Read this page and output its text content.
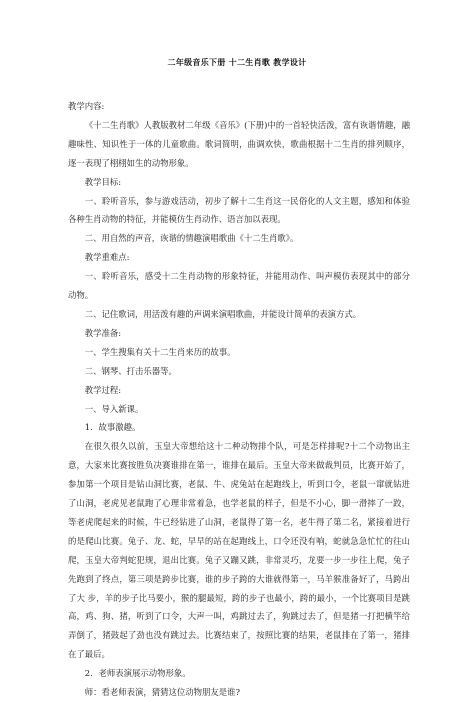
二年级音乐下册 十二生肖歌 教学设计

教学内容:

《十二生肖歌》人教版教材二年级《音乐》(下册)中的一首轻快活泼，富有诙谐情趣，融趣味性、知识性于一体的儿童歌曲。歌词简明，曲调欢快，歌曲根据十二生肖的排列顺序，逐一表现了栩栩如生的动物形象。

教学目标:

一、聆听音乐，参与游戏活动，初步了解十二生肖这一民俗化的人文主题，感知和体验各种生肖动物的特征，并能模仿生肖动作、语言加以表现。

二、用自然的声音，诙谐的情趣演唱歌曲《十二生肖歌》。

教学重难点:

一、聆听音乐，感受十二生肖动物的形象特征，并能用动作、叫声模仿表现其中的部分动物。

二、记住歌词，用活泼有趣的声调来演唱歌曲，并能设计简单的表演方式。

教学准备:

一、学生搜集有关十二生肖来历的故事。

二、钢琴、打击乐器等。

教学过程:

一、导入新课。

1．故事激趣。

在很久很久以前，玉皇大帝想给这十二种动物排个队，可是怎样排呢?十二个动物出主意，大家来比赛按胜负决赛谁排在第一，谁排在最后。玉皇大帝来做裁判员，比赛开始了，参加第一个项目是钻山洞比赛，老鼠、牛、虎兔站在起跑线上，听到口令，老鼠一窜就钻进了山洞，老虎见老鼠跑了心理非常着急，也学老鼠的样子，但是不小心，脚一滑摔了一跤，等老虎爬起来的时候，牛已经钻进了山洞，老鼠得了第一名，老牛得了第二名，紧接着进行的是爬山比赛。兔子、龙、蛇，早早的站在起跑线上，口令还没有响，蛇就急急忙忙的往山爬，玉皇大帝判蛇犯规，退出比赛。兔子又蹦又跳，非常灵巧，龙要一步一步往上爬，兔子先跑到了终点，第三项是跨步比赛，谁的步子跨的大谁就得第一，马羊猴准备好了，马跨出了大 步，羊的步子比马要小，猴的腿最短，跨的步子也最小，跨的最小，一个比赛项目是跳高，鸡、狗、猪，听到了口令，大声一叫，鸡跳过去了，狗跳过去了，但是猪一打把横竿给弄倒了，猪鼓起了劲也没有跳过去。比赛结束了，按照比赛的结果，老鼠排在了第一，猪排在了最后。

2．老师表演展示动物形象。

师：看老师表演，猜猜这位动物朋友是谁?
